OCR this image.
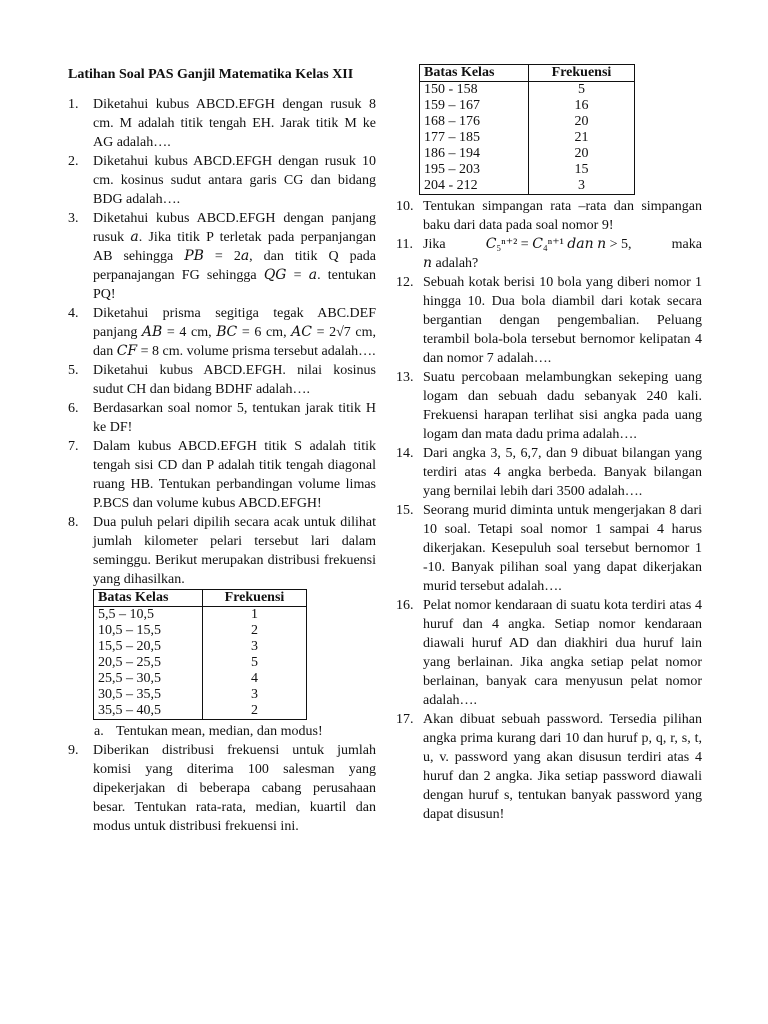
Latihan Soal PAS Ganjil Matematika Kelas XII
1. Diketahui kubus ABCD.EFGH dengan rusuk 8 cm. M adalah titik tengah EH. Jarak titik M ke AG adalah….
2. Diketahui kubus ABCD.EFGH dengan rusuk 10 cm. kosinus sudut antara garis CG dan bidang BDG adalah….
3. Diketahui kubus ABCD.EFGH dengan panjang rusuk 𝑎. Jika titik P terletak pada perpanjangan AB sehingga 𝑃𝐵 = 2𝑎, dan titik Q pada perpanajangan FG sehingga 𝑄𝐺 = 𝑎. tentukan PQ!
4. Diketahui prisma segitiga tegak ABC.DEF panjang 𝐴𝐵 = 4 cm, 𝐵𝐶 = 6 cm, 𝐴𝐶 = 2√7 cm, dan 𝐶𝐹 = 8 cm. volume prisma tersebut adalah….
5. Diketahui kubus ABCD.EFGH. nilai kosinus sudut CH dan bidang BDHF adalah….
6. Berdasarkan soal nomor 5, tentukan jarak titik H ke DF!
7. Dalam kubus ABCD.EFGH titik S adalah titik tengah sisi CD dan P adalah titik tengah diagonal ruang HB. Tentukan perbandingan volume limas P.BCS dan volume kubus ABCD.EFGH!
8. Dua puluh pelari dipilih secara acak untuk dilihat jumlah kilometer pelari tersebut lari dalam seminggu. Berikut merupakan distribusi frekuensi yang dihasilkan.
Batas Kelas	Frekuensi
5,5 – 10,5	1
10,5 – 15,5	2
15,5 – 20,5	3
20,5 – 25,5	5
25,5 – 30,5	4
30,5 – 35,5	3
35,5 – 40,5	2
a. Tentukan mean, median, dan modus!
9. Diberikan distribusi frekuensi untuk jumlah komisi yang diterima 100 salesman yang dipekerjakan di beberapa cabang perusahaan besar. Tentukan rata-rata, median, kuartil dan modus untuk distribusi frekuensi ini.
Batas Kelas	Frekuensi
150 - 158	5
159 – 167	16
168 – 176	20
177 – 185	21
186 – 194	20
195 – 203	15
204 - 212	3
10. Tentukan simpangan rata –rata dan simpangan baku dari data pada soal nomor 9!
11. Jika	𝐶₅ⁿ⁺² = 𝐶₄ⁿ⁺¹ 𝑑𝑎𝑛 𝑛 > 5,	maka
𝑛 adalah?
12. Sebuah kotak berisi 10 bola yang diberi nomor 1 hingga 10. Dua bola diambil dari kotak secara bergantian dengan pengembalian. Peluang terambil bola-bola tersebut bernomor kelipatan 4 dan nomor 7 adalah….
13. Suatu percobaan melambungkan sekeping uang logam dan sebuah dadu sebanyak 240 kali. Frekuensi harapan terlihat sisi angka pada uang logam dan mata dadu prima adalah….
14. Dari angka 3, 5, 6,7, dan 9 dibuat bilangan yang terdiri atas 4 angka berbeda. Banyak bilangan yang bernilai lebih dari 3500 adalah….
15. Seorang murid diminta untuk mengerjakan 8 dari 10 soal. Tetapi soal nomor 1 sampai 4 harus dikerjakan. Kesepuluh soal tersebut bernomor 1 -10. Banyak pilihan soal yang dapat dikerjakan murid tersebut adalah….
16. Pelat nomor kendaraan di suatu kota terdiri atas 4 huruf dan 4 angka. Setiap nomor kendaraan diawali huruf AD dan diakhiri dua huruf lain yang berlainan. Jika angka setiap pelat nomor berlainan, banyak cara menyusun pelat nomor adalah….
17. Akan dibuat sebuah password. Tersedia pilihan angka prima kurang dari 10 dan huruf p, q, r, s, t, u, v. password yang akan disusun terdiri atas 4 huruf dan 2 angka. Jika setiap password diawali dengan huruf s, tentukan banyak password yang dapat disusun!
